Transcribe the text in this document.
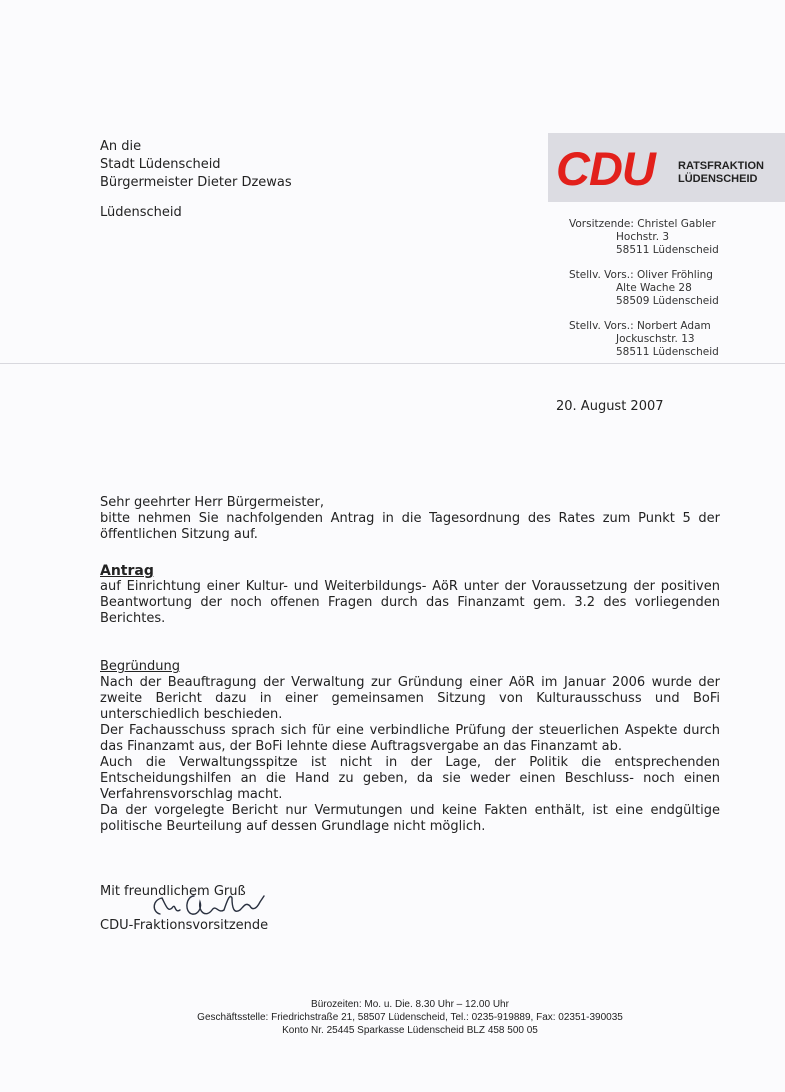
An die
Stadt Lüdenscheid
Bürgermeister Dieter Dzewas
Lüdenscheid
CDU RATSFRAKTION
LÜDENSCHEID
Vorsitzende: Christel Gabler
Hochstr. 3
58511 Lüdenscheid
Stellv. Vors.: Oliver Fröhling
Alte Wache 28
58509 Lüdenscheid
Stellv. Vors.: Norbert Adam
Jockuschstr. 13
58511 Lüdenscheid
20. August 2007
Sehr geehrter Herr Bürgermeister,
bitte nehmen Sie nachfolgenden Antrag in die Tagesordnung des Rates zum Punkt 5 der öffentlichen Sitzung auf.
Antrag
auf Einrichtung einer Kultur- und Weiterbildungs- AöR unter der Voraussetzung der positiven Beantwortung der noch offenen Fragen durch das Finanzamt gem. 3.2 des vorliegenden Berichtes.
Begründung
Nach der Beauftragung der Verwaltung zur Gründung einer AöR im Januar 2006 wurde der zweite Bericht dazu in einer gemeinsamen Sitzung von Kulturausschuss und BoFi unterschiedlich beschieden.
Der Fachausschuss sprach sich für eine verbindliche Prüfung der steuerlichen Aspekte durch das Finanzamt aus, der BoFi lehnte diese Auftragsvergabe an das Finanzamt ab.
Auch die Verwaltungsspitze ist nicht in der Lage, der Politik die entsprechenden Entscheidungshilfen an die Hand zu geben, da sie weder einen Beschluss- noch einen Verfahrensvorschlag macht.
Da der vorgelegte Bericht nur Vermutungen und keine Fakten enthält, ist eine endgültige politische Beurteilung auf dessen Grundlage nicht möglich.
Mit freundlichem Gruß
CDU-Fraktionsvorsitzende
Bürozeiten: Mo. u. Die. 8.30 Uhr – 12.00 Uhr
Geschäftsstelle: Friedrichstraße 21, 58507 Lüdenscheid, Tel.: 0235-919889, Fax: 02351-390035
Konto Nr. 25445 Sparkasse Lüdenscheid BLZ 458 500 05
